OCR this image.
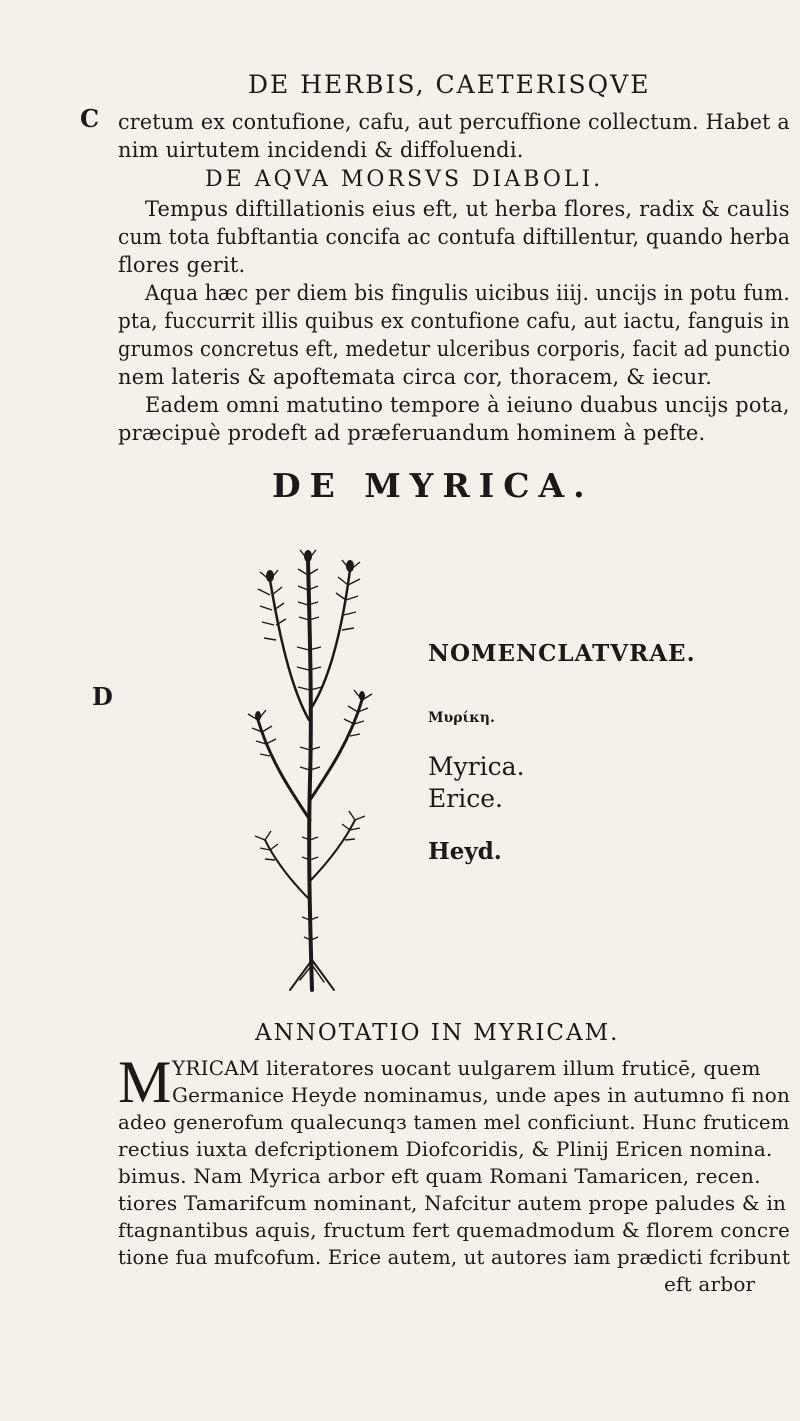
DE HERBIS, CAETERISQVE
C
D
cretum ex contufione, cafu, aut percuffione collectum. Habet a
nim uirtutem incidendi & diffoluendi.
DE AQVA MORSVS DIABOLI.
Tempus diftillationis eius eft, ut herba flores, radix & caulis
cum tota fubftantia concifa ac contufa diftillentur, quando herba
flores gerit.
Aqua hæc per diem bis fingulis uicibus iiij. uncijs in potu fum.
pta, fuccurrit illis quibus ex contufione cafu, aut iactu, fanguis in
grumos concretus eft, medetur ulceribus corporis, facit ad punctio
nem lateris & apoftemata circa cor, thoracem, & iecur.
Eadem omni matutino tempore à ieiuno duabus uncijs pota,
præcipuè prodeft ad præferuandum hominem à pefte.
DE MYRICA.
NOMENCLATVRAE.
Μυρίκη.
Myrica.
Erice.
Heyd.
ANNOTATIO IN MYRICAM.
M YRICAM literatores uocant uulgarem illum fruticē, quem
Germanice Heyde nominamus, unde apes in autumno fi non
adeo generofum qualecunqз tamen mel conficiunt. Hunc fruticem
rectius iuxta defcriptionem Diofcoridis, & Plinij Ericen nomina.
bimus. Nam Myrica arbor eft quam Romani Tamaricen, recen.
tiores Tamarifcum nominant, Nafcitur autem prope paludes & in
ftagnantibus aquis, fructum fert quemadmodum & florem concre
tione fua mufcofum. Erice autem, ut autores iam prædicti fcribunt
eft arbor
